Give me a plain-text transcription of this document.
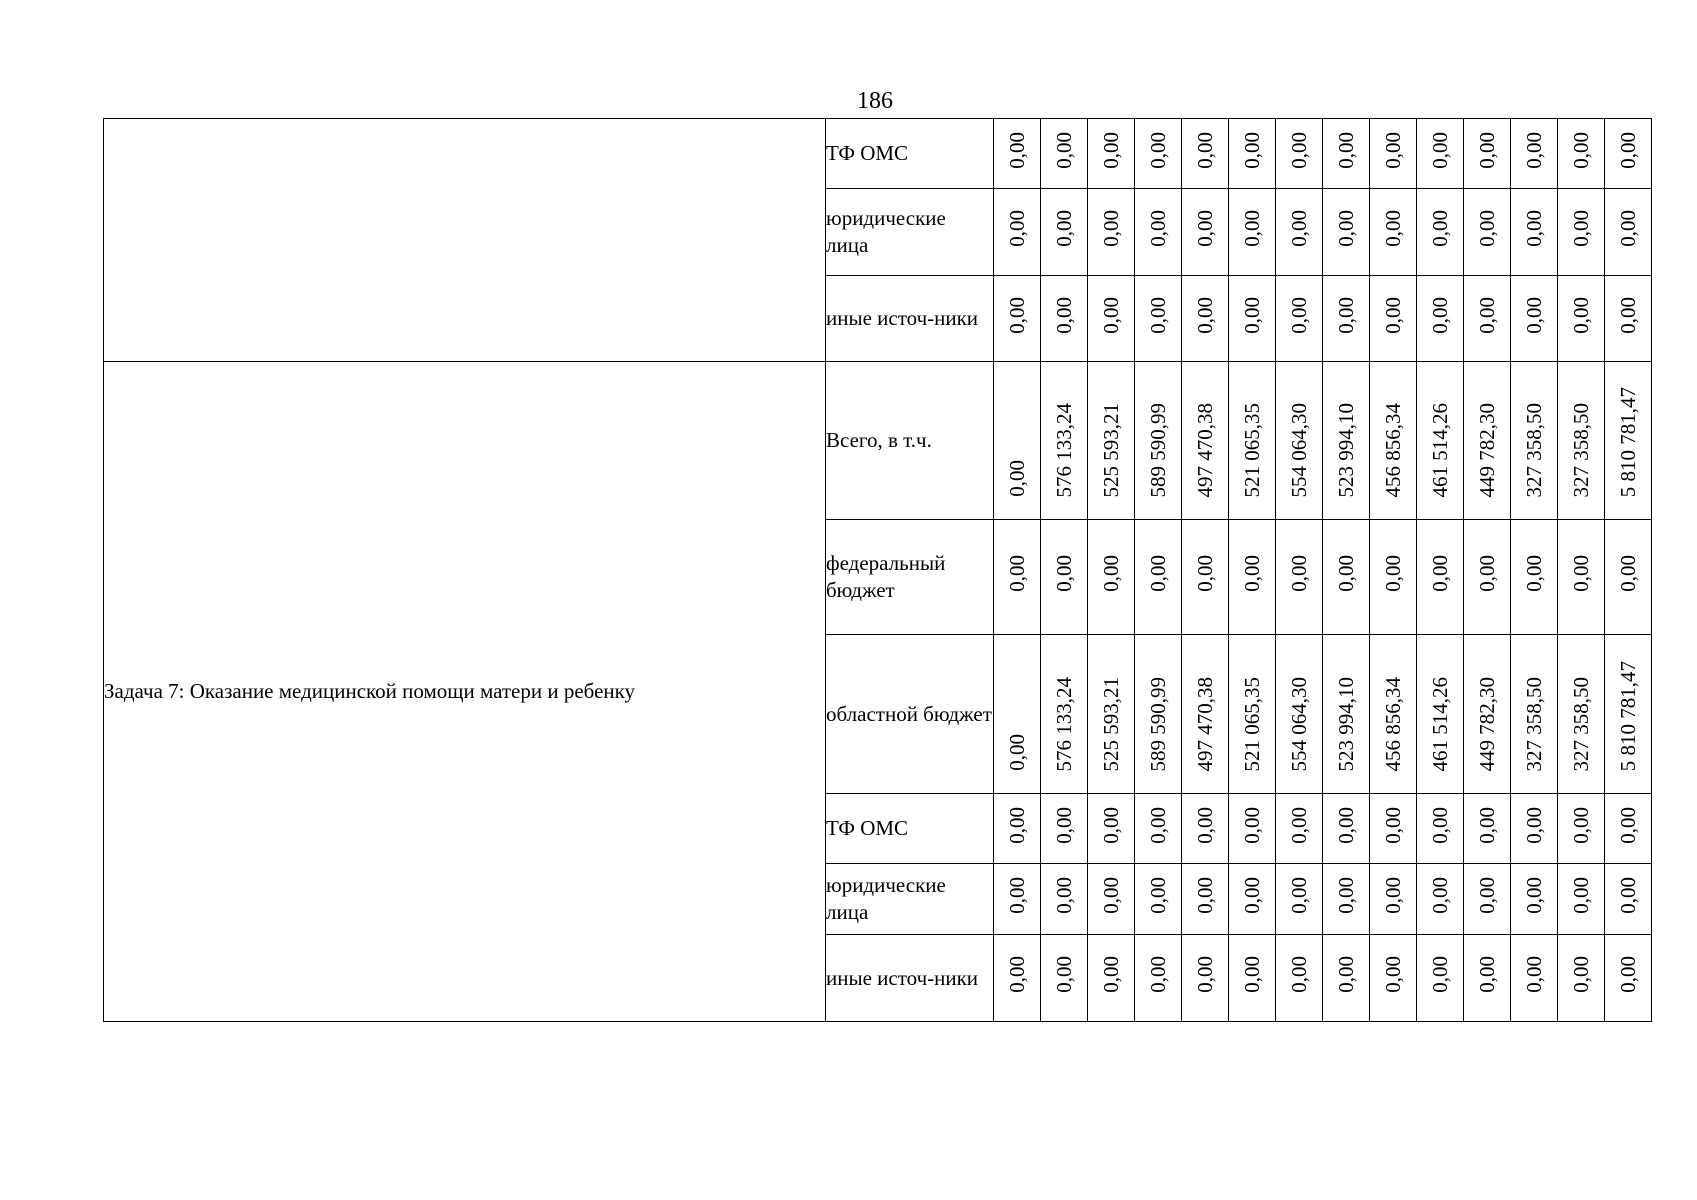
186
	ТФ ОМС	0,00	0,00	0,00	0,00	0,00	0,00	0,00	0,00	0,00	0,00	0,00	0,00	0,00	0,00
	юридические лица	0,00	0,00	0,00	0,00	0,00	0,00	0,00	0,00	0,00	0,00	0,00	0,00	0,00	0,00
	иные источ-ники	0,00	0,00	0,00	0,00	0,00	0,00	0,00	0,00	0,00	0,00	0,00	0,00	0,00	0,00
Задача 7: Оказание медицинской помощи матери и ребенку	Всего, в т.ч.	0,00	576 133,24	525 593,21	589 590,99	497 470,38	521 065,35	554 064,30	523 994,10	456 856,34	461 514,26	449 782,30	327 358,50	327 358,50	5 810 781,47
	федеральный бюджет	0,00	0,00	0,00	0,00	0,00	0,00	0,00	0,00	0,00	0,00	0,00	0,00	0,00	0,00
	областной бюджет	0,00	576 133,24	525 593,21	589 590,99	497 470,38	521 065,35	554 064,30	523 994,10	456 856,34	461 514,26	449 782,30	327 358,50	327 358,50	5 810 781,47
	ТФ ОМС	0,00	0,00	0,00	0,00	0,00	0,00	0,00	0,00	0,00	0,00	0,00	0,00	0,00	0,00
	юридические лица	0,00	0,00	0,00	0,00	0,00	0,00	0,00	0,00	0,00	0,00	0,00	0,00	0,00	0,00
	иные источ-ники	0,00	0,00	0,00	0,00	0,00	0,00	0,00	0,00	0,00	0,00	0,00	0,00	0,00	0,00
